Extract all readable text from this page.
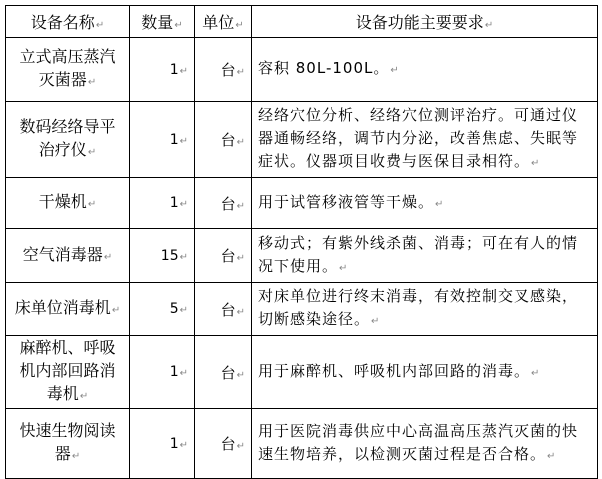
设备名称↵	数量↵	单位↵	设备功能主要要求↵
立式高压蒸汽灭菌器↵	1↵	台↵	容积 80L-100L。↵
数码经络导平治疗仪↵	1↵	台↵	经络穴位分析、经络穴位测评治疗。可通过仪器通畅经络，调节内分泌，改善焦虑、失眠等症状。仪器项目收费与医保目录相符。↵
干燥机↵	1↵	台↵	用于试管移液管等干燥。↵
空气消毒器↵	15↵	台↵	移动式；有紫外线杀菌、消毒；可在有人的情况下使用。↵
床单位消毒机↵	5↵	台↵	对床单位进行终末消毒，有效控制交叉感染，切断感染途径。↵
麻醉机、呼吸机内部回路消毒机↵	1↵	台↵	用于麻醉机、呼吸机内部回路的消毒。↵
快速生物阅读器↵	1↵	台↵	用于医院消毒供应中心高温高压蒸汽灭菌的快速生物培养，以检测灭菌过程是否合格。↵
